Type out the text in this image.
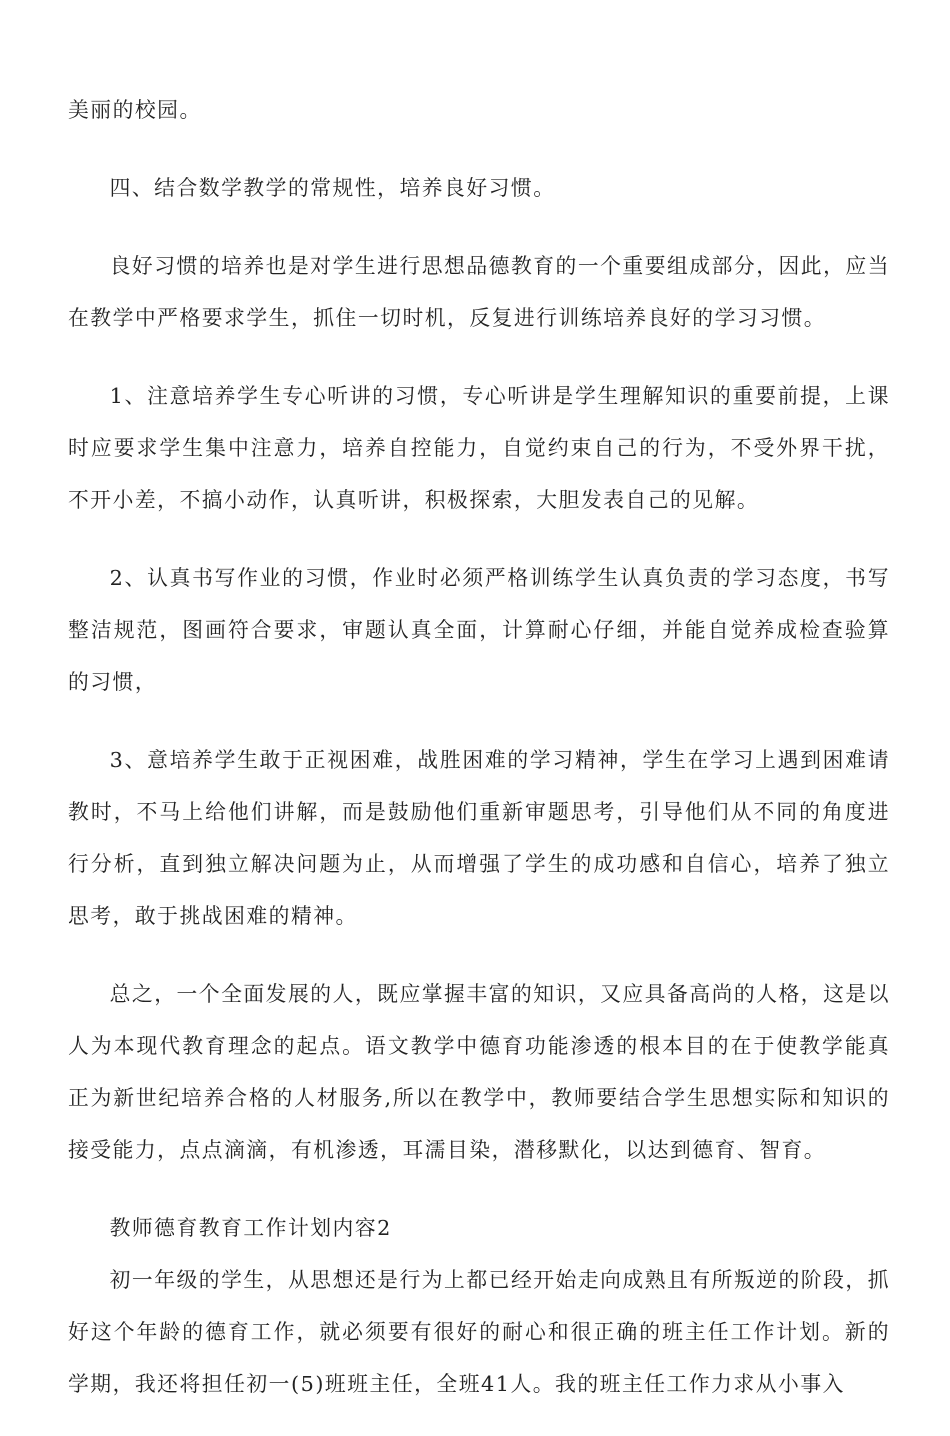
美丽的校园。

四、结合数学教学的常规性，培养良好习惯。

良好习惯的培养也是对学生进行思想品德教育的一个重要组成部分，因此，应当在教学中严格要求学生，抓住一切时机，反复进行训练培养良好的学习习惯。

1、注意培养学生专心听讲的习惯，专心听讲是学生理解知识的重要前提，上课时应要求学生集中注意力，培养自控能力，自觉约束自己的行为，不受外界干扰，不开小差，不搞小动作，认真听讲，积极探索，大胆发表自己的见解。

2、认真书写作业的习惯，作业时必须严格训练学生认真负责的学习态度，书写整洁规范，图画符合要求，审题认真全面，计算耐心仔细，并能自觉养成检查验算的习惯，

3、意培养学生敢于正视困难，战胜困难的学习精神，学生在学习上遇到困难请教时，不马上给他们讲解，而是鼓励他们重新审题思考，引导他们从不同的角度进行分析，直到独立解决问题为止，从而增强了学生的成功感和自信心，培养了独立思考，敢于挑战困难的精神。

总之，一个全面发展的人，既应掌握丰富的知识，又应具备高尚的人格，这是以人为本现代教育理念的起点。语文教学中德育功能渗透的根本目的在于使教学能真正为新世纪培养合格的人材服务,所以在教学中，教师要结合学生思想实际和知识的接受能力，点点滴滴，有机渗透，耳濡目染，潜移默化，以达到德育、智育。

教师德育教育工作计划内容2

初一年级的学生，从思想还是行为上都已经开始走向成熟且有所叛逆的阶段，抓好这个年龄的德育工作，就必须要有很好的耐心和很正确的班主任工作计划。新的学期，我还将担任初一(5)班班主任，全班41人。我的班主任工作力求从小事入
